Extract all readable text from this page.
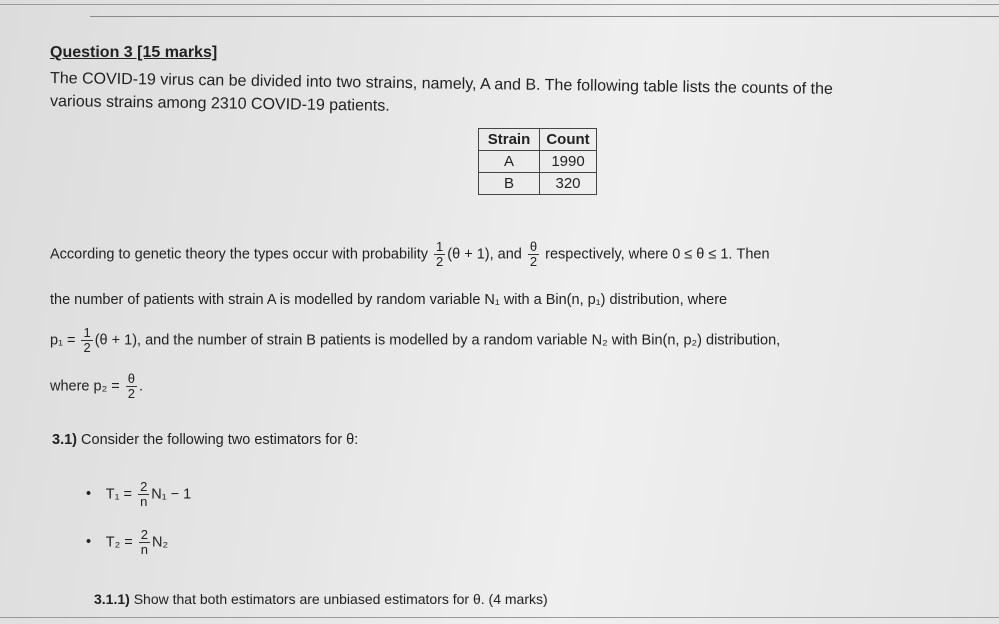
Question 3 [15 marks]
The COVID-19 virus can be divided into two strains, namely, A and B. The following table lists the counts of the
various strains among 2310 COVID-19 patients.
Strain	Count
A	1990
B	320
According to genetic theory the types occur with probability $\frac{1}{2} (\theta + 1)$, and $\frac{\theta}{2}$ respectively, where 0 ≤ θ ≤ 1. Then
the number of patients with strain A is modelled by random variable N₁ with a Bin(n, p₁) distribution, where
$p_1 = \frac{1}{2} (\theta + 1)$, and the number of strain B patients is modelled by a random variable N₂ with Bin(n, p₂) distribution,
where $p_2 = \frac{\theta}{2}$ .
3.1) Consider the following two estimators for θ:
• $T_1 = \frac{2}{n} N_1 - 1$
• $T_2 = \frac{2}{n} N_2$
3.1.1) Show that both estimators are unbiased estimators for θ. (4 marks)
